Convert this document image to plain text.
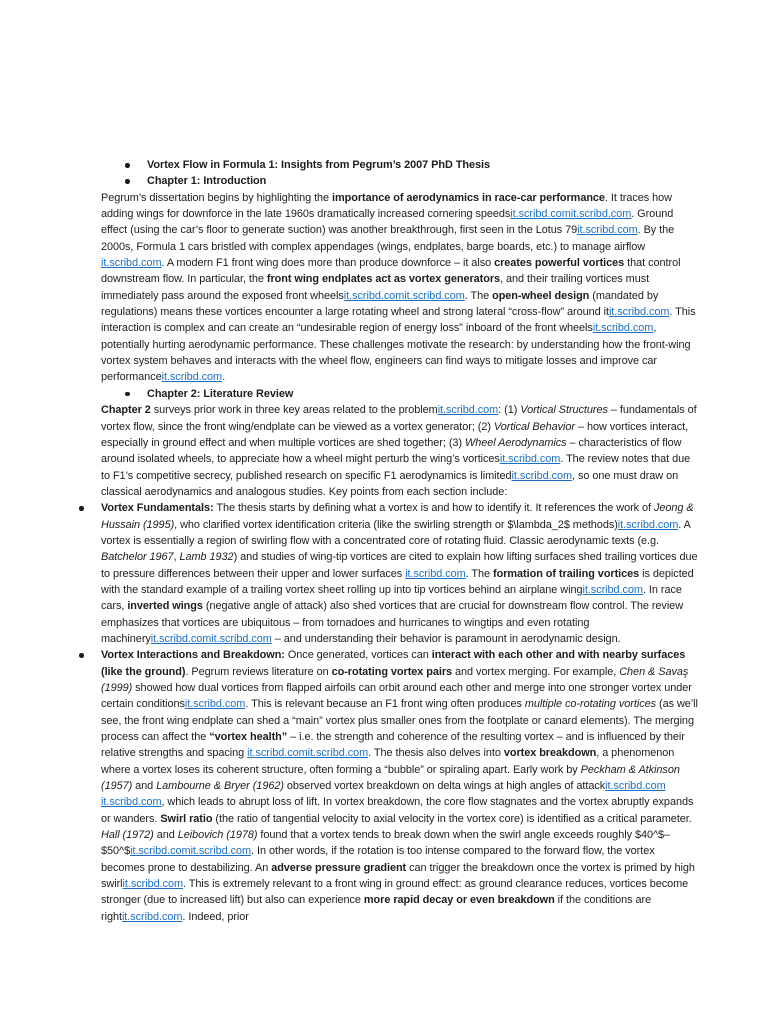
Vortex Flow in Formula 1: Insights from Pegrum’s 2007 PhD Thesis
Chapter 1: Introduction

Pegrum’s dissertation begins by highlighting the importance of aerodynamics in race-car performance. It traces how adding wings for downforce in the late 1960s dramatically increased cornering speedsit.scribd.comit.scribd.com. Ground effect (using the car’s floor to generate suction) was another breakthrough, first seen in the Lotus 79it.scribd.com. By the 2000s, Formula 1 cars bristled with complex appendages (wings, endplates, barge boards, etc.) to manage airflow it.scribd.com. A modern F1 front wing does more than produce downforce – it also creates powerful vortices that control downstream flow. In particular, the front wing endplates act as vortex generators, and their trailing vortices must immediately pass around the exposed front wheelsit.scribd.comit.scribd.com. The open-wheel design (mandated by regulations) means these vortices encounter a large rotating wheel and strong lateral “cross-flow” around itit.scribd.com. This interaction is complex and can create an “undesirable region of energy loss” inboard of the front wheelsit.scribd.com, potentially hurting aerodynamic performance. These challenges motivate the research: by understanding how the front-wing vortex system behaves and interacts with the wheel flow, engineers can find ways to mitigate losses and improve car performanceit.scribd.com.

Chapter 2: Literature Review

Chapter 2 surveys prior work in three key areas related to the problemit.scribd.com: (1) Vortical Structures – fundamentals of vortex flow, since the front wing/endplate can be viewed as a vortex generator; (2) Vortical Behavior – how vortices interact, especially in ground effect and when multiple vortices are shed together; (3) Wheel Aerodynamics – characteristics of flow around isolated wheels, to appreciate how a wheel might perturb the wing’s vorticesit.scribd.com. The review notes that due to F1’s competitive secrecy, published research on specific F1 aerodynamics is limitedit.scribd.com, so one must draw on classical aerodynamics and analogous studies. Key points from each section include:

Vortex Fundamentals: The thesis starts by defining what a vortex is and how to identify it. It references the work of Jeong & Hussain (1995), who clarified vortex identification criteria (like the swirling strength or $\lambda_2$ methods)it.scribd.com. A vortex is essentially a region of swirling flow with a concentrated core of rotating fluid. Classic aerodynamic texts (e.g. Batchelor 1967, Lamb 1932) and studies of wing-tip vortices are cited to explain how lifting surfaces shed trailing vortices due to pressure differences between their upper and lower surfaces it.scribd.com. The formation of trailing vortices is depicted with the standard example of a trailing vortex sheet rolling up into tip vortices behind an airplane wingit.scribd.com. In race cars, inverted wings (negative angle of attack) also shed vortices that are crucial for downstream flow control. The review emphasizes that vortices are ubiquitous – from tornadoes and hurricanes to wingtips and even rotating machineryit.scribd.comit.scribd.com – and understanding their behavior is paramount in aerodynamic design.
Vortex Interactions and Breakdown: Once generated, vortices can interact with each other and with nearby surfaces (like the ground). Pegrum reviews literature on co-rotating vortex pairs and vortex merging. For example, Chen & Savaş (1999) showed how dual vortices from flapped airfoils can orbit around each other and merge into one stronger vortex under certain conditionsit.scribd.com. This is relevant because an F1 front wing often produces multiple co-rotating vortices (as we’ll see, the front wing endplate can shed a “main” vortex plus smaller ones from the footplate or canard elements). The merging process can affect the “vortex health” – i.e. the strength and coherence of the resulting vortex – and is influenced by their relative strengths and spacing it.scribd.comit.scribd.com. The thesis also delves into vortex breakdown, a phenomenon where a vortex loses its coherent structure, often forming a “bubble” or spiraling apart. Early work by Peckham & Atkinson (1957) and Lambourne & Bryer (1962) observed vortex breakdown on delta wings at high angles of attackit.scribd.com it.scribd.com, which leads to abrupt loss of lift. In vortex breakdown, the core flow stagnates and the vortex abruptly expands or wanders. Swirl ratio (the ratio of tangential velocity to axial velocity in the vortex core) is identified as a critical parameter. Hall (1972) and Leibovich (1978) found that a vortex tends to break down when the swirl angle exceeds roughly $40^$–$50^$it.scribd.comit.scribd.com. In other words, if the rotation is too intense compared to the forward flow, the vortex becomes prone to destabilizing. An adverse pressure gradient can trigger the breakdown once the vortex is primed by high swirlit.scribd.com. This is extremely relevant to a front wing in ground effect: as ground clearance reduces, vortices become stronger (due to increased lift) but also can experience more rapid decay or even breakdown if the conditions are rightit.scribd.com. Indeed, prior
